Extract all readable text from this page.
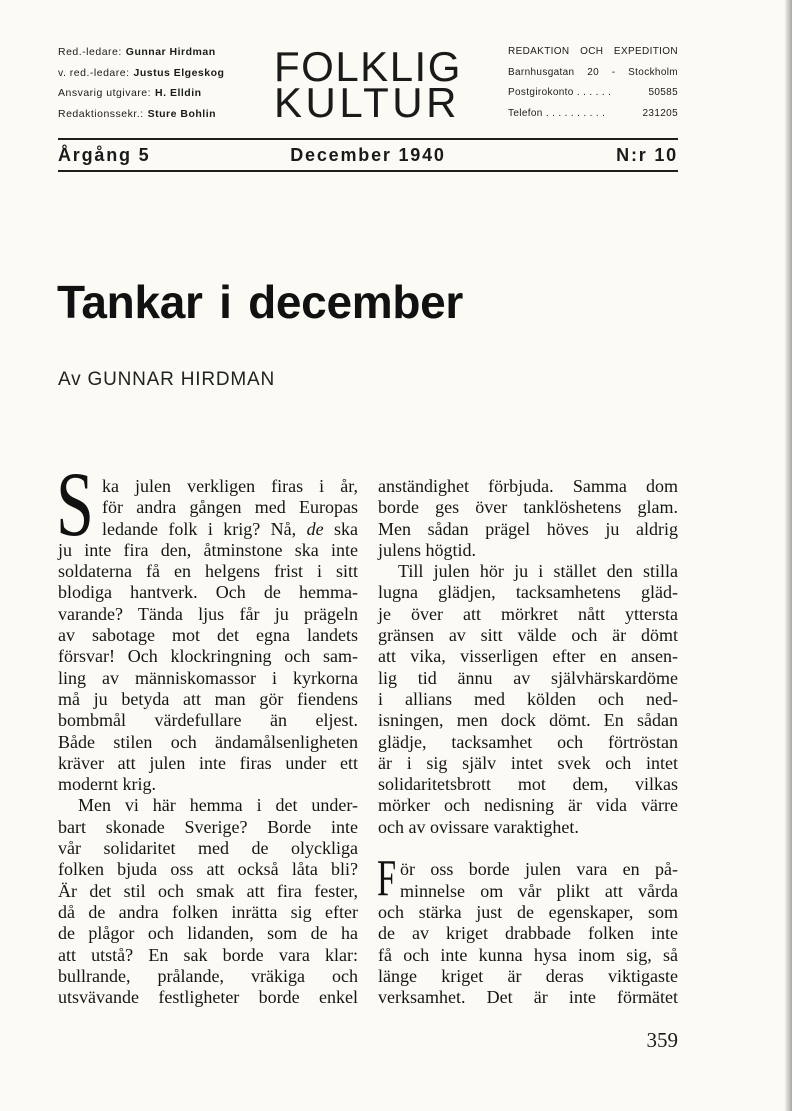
Red.-ledare: Gunnar Hirdman
v. red.-ledare: Justus Elgeskog
Ansvarig utgivare: H. Elldin
Redaktionssekr.: Sture Bohlin
FOLKLIG
KULTUR
REDAKTION OCH EXPEDITION
Barnhusgatan 20 - Stockholm
Postgirokonto . . . . . .	50585
Telefon . . . . . . . . . .	231205
Årgång 5	December 1940	N:r 10
Tankar i december
Av GUNNAR HIRDMAN
S
F
ka julen verkligen firas i år,
för andra gången med Europas
ledande folk i krig? Nå, de ska
ju inte fira den, åtminstone ska inte
soldaterna få en helgens frist i sitt
blodiga hantverk. Och de hemma-
varande? Tända ljus får ju prägeln
av sabotage mot det egna landets
försvar! Och klockringning och sam-
ling av människomassor i kyrkorna
må ju betyda att man gör fiendens
bombmål värdefullare än eljest.
Både stilen och ändamålsenligheten
kräver att julen inte firas under ett
modernt krig.
Men vi här hemma i det under-
bart skonade Sverige? Borde inte
vår solidaritet med de olyckliga
folken bjuda oss att också låta bli?
Är det stil och smak att fira fester,
då de andra folken inrätta sig efter
de plågor och lidanden, som de ha
att utstå? En sak borde vara klar:
bullrande, prålande, vräkiga och
utsvävande festligheter borde enkel
anständighet förbjuda. Samma dom
borde ges över tanklöshetens glam.
Men sådan prägel höves ju aldrig
julens högtid.
Till julen hör ju i stället den stilla
lugna glädjen, tacksamhetens gläd-
je över att mörkret nått yttersta
gränsen av sitt välde och är dömt
att vika, visserligen efter en ansen-
lig tid ännu av självhärskardöme
i allians med kölden och ned-
isningen, men dock dömt. En sådan
glädje, tacksamhet och förtröstan
är i sig själv intet svek och intet
solidaritetsbrott mot dem, vilkas
mörker och nedisning är vida värre
och av ovissare varaktighet.
ör oss borde julen vara en på-
minnelse om vår plikt att vårda
och stärka just de egenskaper, som
de av kriget drabbade folken inte
få och inte kunna hysa inom sig, så
länge kriget är deras viktigaste
verksamhet. Det är inte förmätet
359
